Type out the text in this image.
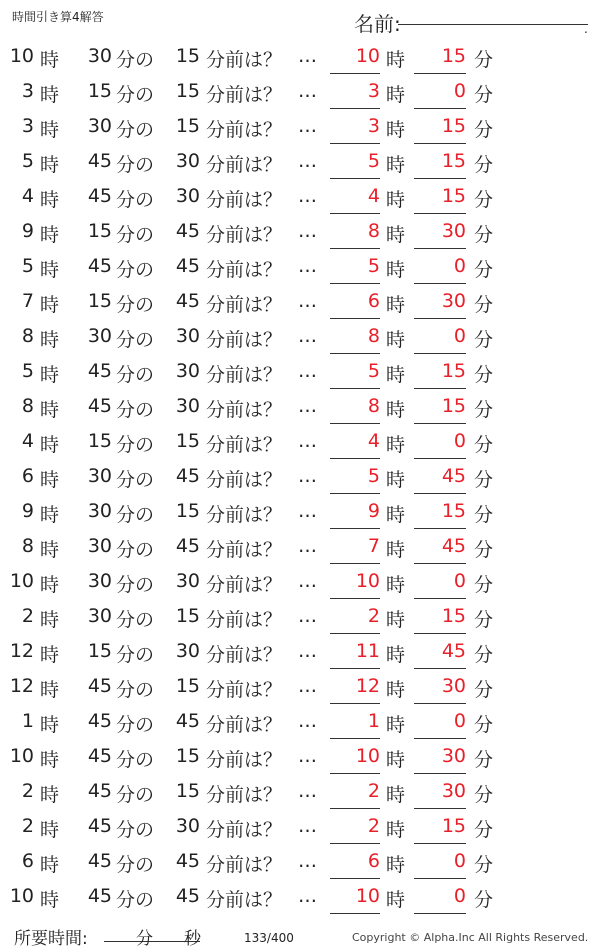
時間引き算4解答	名前:	.
10 時	30 分の	15 分前は？ …	10 時	15 分
3 時	15 分の	15 分前は？ …	3 時	0 分
3 時	30 分の	15 分前は？ …	3 時	15 分
5 時	45 分の	30 分前は？ …	5 時	15 分
4 時	45 分の	30 分前は？ …	4 時	15 分
9 時	15 分の	45 分前は？ …	8 時	30 分
5 時	45 分の	45 分前は？ …	5 時	0 分
7 時	15 分の	45 分前は？ …	6 時	30 分
8 時	30 分の	30 分前は？ …	8 時	0 分
5 時	45 分の	30 分前は？ …	5 時	15 分
8 時	45 分の	30 分前は？ …	8 時	15 分
4 時	15 分の	15 分前は？ …	4 時	0 分
6 時	30 分の	45 分前は？ …	5 時	45 分
9 時	30 分の	15 分前は？ …	9 時	15 分
8 時	30 分の	45 分前は？ …	7 時	45 分
10 時	30 分の	30 分前は？ …	10 時	0 分
2 時	30 分の	15 分前は？ …	2 時	15 分
12 時	15 分の	30 分前は？ …	11 時	45 分
12 時	45 分の	15 分前は？ …	12 時	30 分
1 時	45 分の	45 分前は？ …	1 時	0 分
10 時	45 分の	15 分前は？ …	10 時	30 分
2 時	45 分の	15 分前は？ …	2 時	30 分
2 時	45 分の	30 分前は？ …	2 時	15 分
6 時	45 分の	45 分前は？ …	6 時	0 分
10 時	45 分の	45 分前は？ …	10 時	0 分
所要時間:	分 秒	133/400	Copyright © Alpha.Inc All Rights Reserved.
